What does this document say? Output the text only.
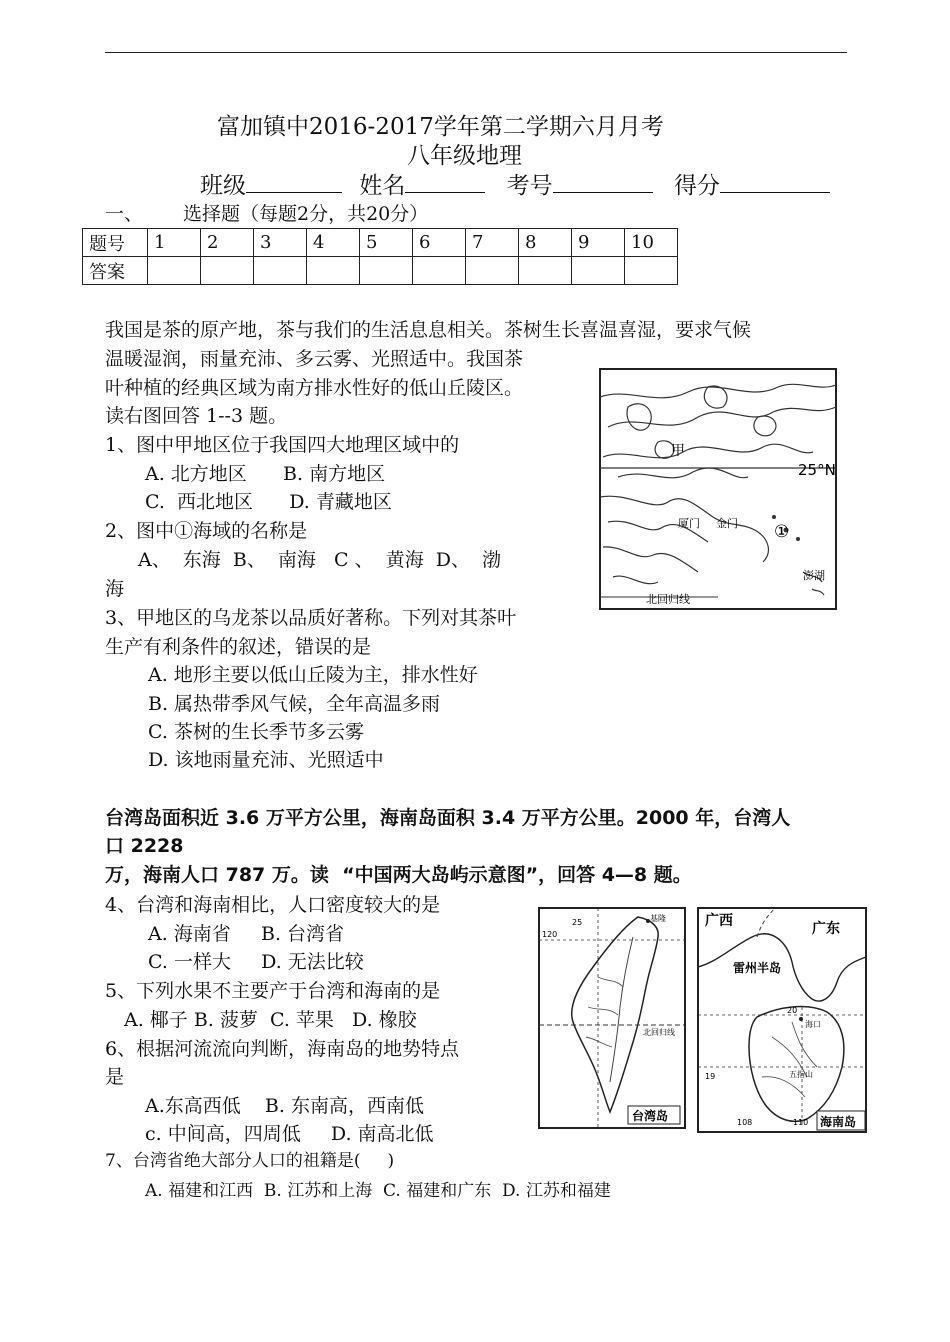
富加镇中2016-2017学年第二学期六月月考
八年级地理
班级	姓名	考号	得分
一、 选择题（每题2分，共20分）
题号	1	2	3	4	5	6	7	8	9	10
答案										
我国是茶的原产地，茶与我们的生活息息相关。茶树生长喜温喜湿，要求气候
温暖湿润，雨量充沛、多云雾、光照适中。我国茶
叶种植的经典区域为南方排水性好的低山丘陵区。
读右图回答 1--3 题。
1、图中甲地区位于我国四大地理区域中的
A. 北方地区      B. 南方地区
C.  西北地区      D. 青藏地区
2、图中①海域的名称是
A、  东海  B、  南海   C 、  黄海  D、  渤
海
3、甲地区的乌龙茶以品质好著称。下列对其茶叶
生产有利条件的叙述，错误的是
A. 地形主要以低山丘陵为主，排水性好
B. 属热带季风气候，全年高温多雨
C. 茶树的生长季节多云雾
D. 该地雨量充沛、光照适中
甲
25°N
厦门 金门 ①
澎湖
北回归线
台湾岛面积近 3.6 万平方公里，海南岛面积 3.4 万平方公里。2000 年，台湾人
口 2228
万，海南人口 787 万。读  “中国两大岛屿示意图”，回答 4—8 题。
4、台湾和海南相比，人口密度较大的是
A. 海南省     B. 台湾省
C. 一样大     D. 无法比较
5、下列水果不主要产于台湾和海南的是
A. 椰子 B. 菠萝  C. 苹果   D. 橡胶
6、根据河流流向判断，海南岛的地势特点
是
A.东高西低    B. 东南高，西南低
c. 中间高，四周低     D. 南高北低
7、台湾省绝大部分人口的祖籍是(     )
A. 福建和江西  B. 江苏和上海  C. 福建和广东  D. 江苏和福建
25
120
基隆
北回归线
台湾岛
广西	广东
雷州半岛
20
海口
五指山
19
108	110 海南岛
